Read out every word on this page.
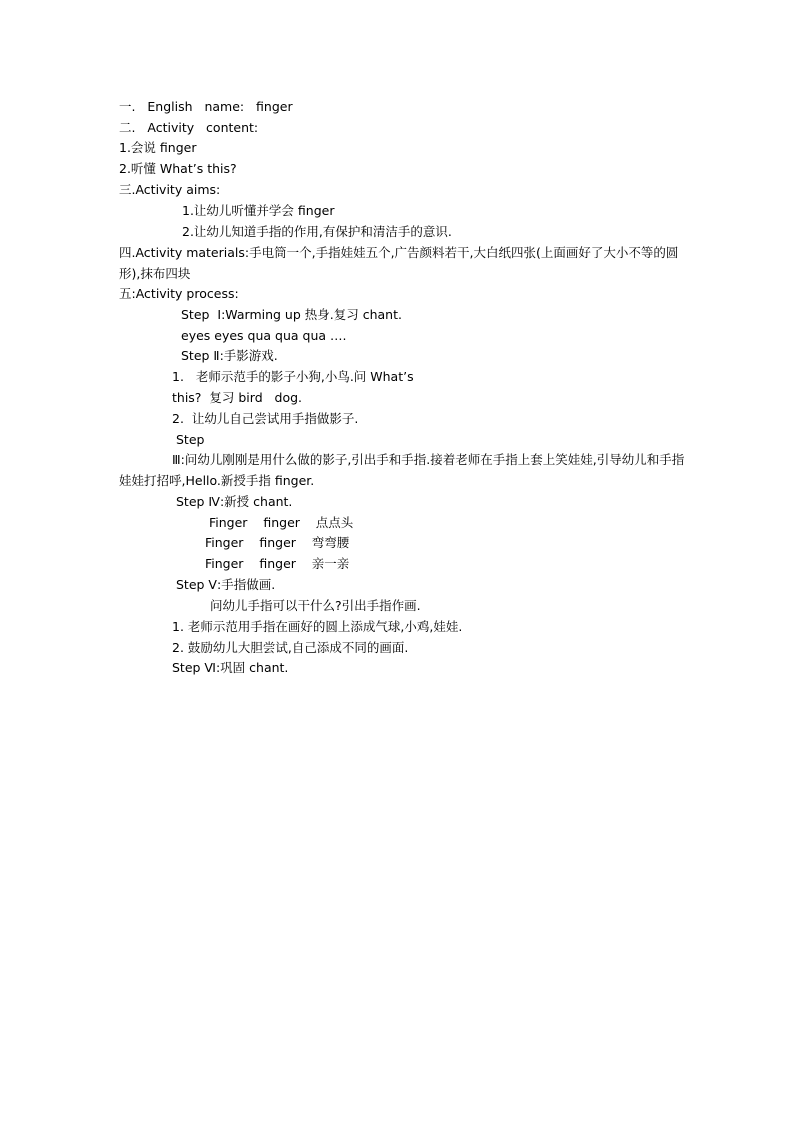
一.   English   name:   finger
二.   Activity   content:
1.会说 finger
2.听懂 What’s this?
三.Activity aims:
1.让幼儿听懂并学会 finger
2.让幼儿知道手指的作用,有保护和清洁手的意识.
四.Activity materials:手电筒一个,手指娃娃五个,广告颜料若干,大白纸四张(上面画好了大小不等的圆
形),抹布四块
五:Activity process:
Step  Ⅰ:Warming up 热身.复习 chant.
eyes eyes qua qua qua ….
Step Ⅱ:手影游戏.
1.   老师示范手的影子小狗,小鸟.问 What’s
this?  复习 bird   dog.
2.  让幼儿自己尝试用手指做影子.
Step
Ⅲ:问幼儿刚刚是用什么做的影子,引出手和手指.接着老师在手指上套上笑娃娃,引导幼儿和手指
娃娃打招呼,Hello.新授手指 finger.
Step Ⅳ:新授 chant.
Finger    finger    点点头
Finger    finger    弯弯腰
Finger    finger    亲一亲
Step Ⅴ:手指做画.
问幼儿手指可以干什么?引出手指作画.
1. 老师示范用手指在画好的圆上添成气球,小鸡,娃娃.
2. 鼓励幼儿大胆尝试,自己添成不同的画面.
Step Ⅵ:巩固 chant.
